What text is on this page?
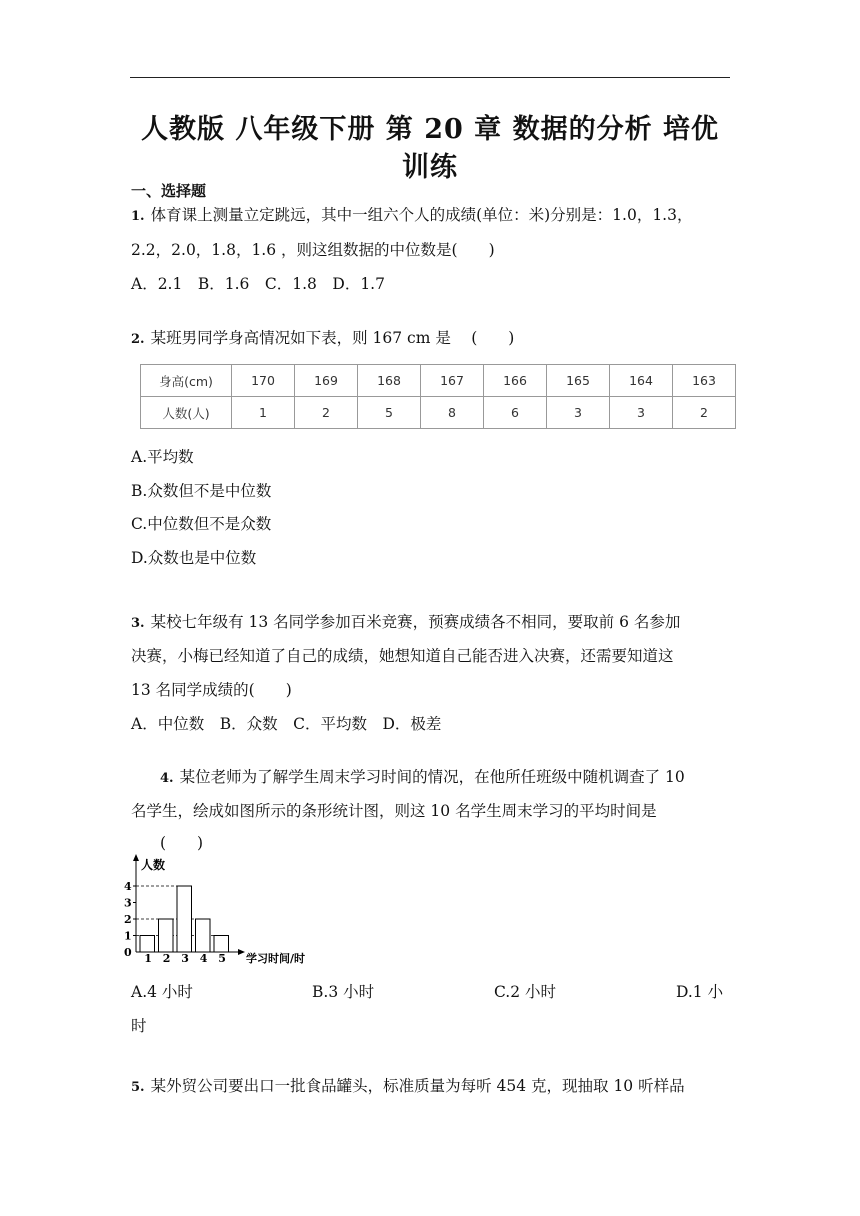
人教版 八年级下册 第 20 章 数据的分析 培优
训练
一、选择题
1. 体育课上测量立定跳远，其中一组六个人的成绩(单位：米)分别是：1.0，1.3，
2.2，2.0，1.8，1.6 ，则这组数据的中位数是(　　)
A．2.1　B．1.6　C．1.8　D．1.7
2. 某班男同学身高情况如下表，则 167 cm 是　 (　　)
身高(cm)	170	169	168	167	166	165	164	163
人数(人)	1	2	5	8	6	3	3	2
A.平均数
B.众数但不是中位数
C.中位数但不是众数
D.众数也是中位数
3. 某校七年级有 13 名同学参加百米竞赛，预赛成绩各不相同，要取前 6 名参加
决赛，小梅已经知道了自己的成绩，她想知道自己能否进入决赛，还需要知道这
13 名同学成绩的(　　)
A．中位数　B．众数　C．平均数　D．极差
4. 某位老师为了解学生周末学习时间的情况，在他所任班级中随机调查了 10
名学生，绘成如图所示的条形统计图，则这 10 名学生周末学习的平均时间是
(　　)
人数
学习时间/时
0
1
2
3
4
1 2 3 4 5
A.4 小时	B.3 小时	C.2 小时	D.1 小
时
5. 某外贸公司要出口一批食品罐头，标准质量为每听 454 克，现抽取 10 听样品
